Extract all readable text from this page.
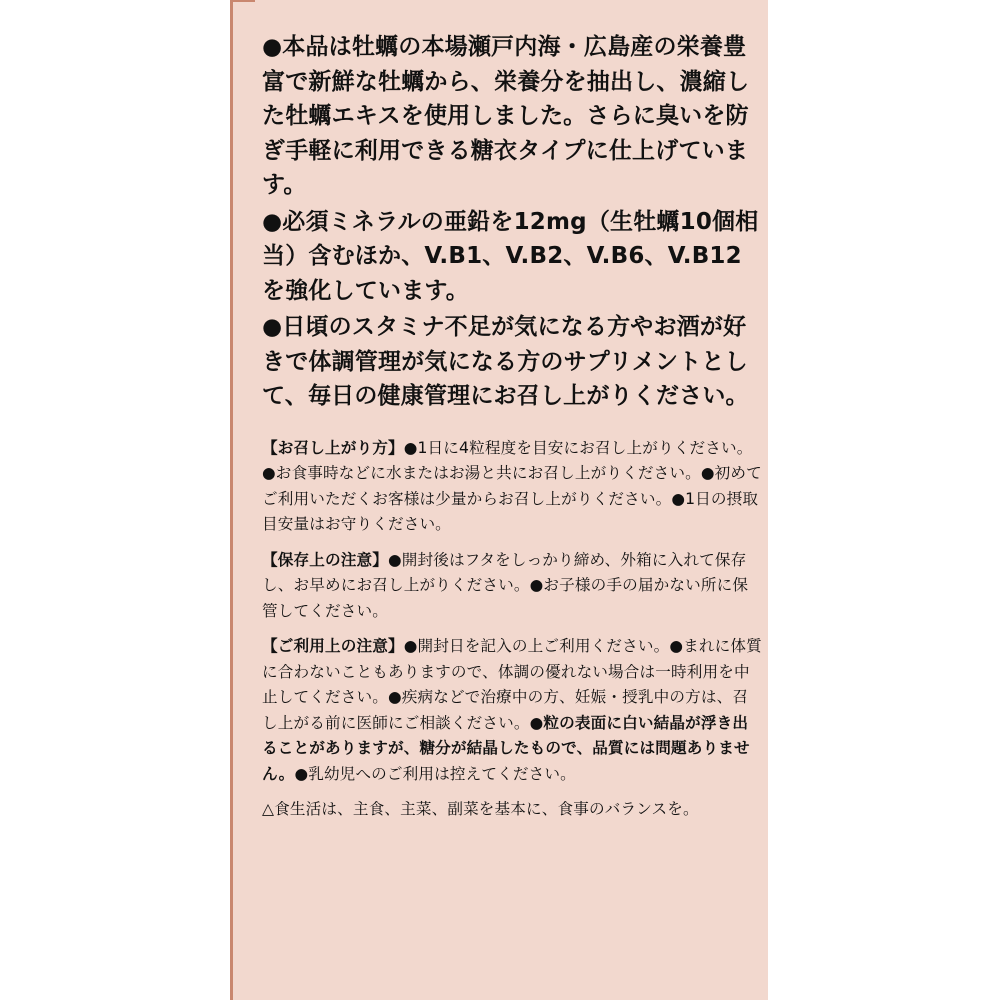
●本品は牡蠣の本場瀬戸内海・広島産の栄養豊富で新鮮な牡蠣から、栄養分を抽出し、濃縮した牡蠣エキスを使用しました。さらに臭いを防ぎ手軽に利用できる糖衣タイプに仕上げています。

●必須ミネラルの亜鉛を12mg（生牡蠣10個相当）含むほか、V.B1、V.B2、V.B6、V.B12を強化しています。

●日頃のスタミナ不足が気になる方やお酒が好きで体調管理が気になる方のサプリメントとして、毎日の健康管理にお召し上がりください。

【お召し上がり方】●1日に4粒程度を目安にお召し上がりください。●お食事時などに水またはお湯と共にお召し上がりください。●初めてご利用いただくお客様は少量からお召し上がりください。●1日の摂取目安量はお守りください。

【保存上の注意】●開封後はフタをしっかり締め、外箱に入れて保存し、お早めにお召し上がりください。●お子様の手の届かない所に保管してください。

【ご利用上の注意】●開封日を記入の上ご利用ください。●まれに体質に合わないこともありますので、体調の優れない場合は一時利用を中止してください。●疾病などで治療中の方、妊娠・授乳中の方は、召し上がる前に医師にご相談ください。●粒の表面に白い結晶が浮き出ることがありますが、糖分が結晶したもので、品質には問題ありません。●乳幼児へのご利用は控えてください。

△食生活は、主食、主菜、副菜を基本に、食事のバランスを。
